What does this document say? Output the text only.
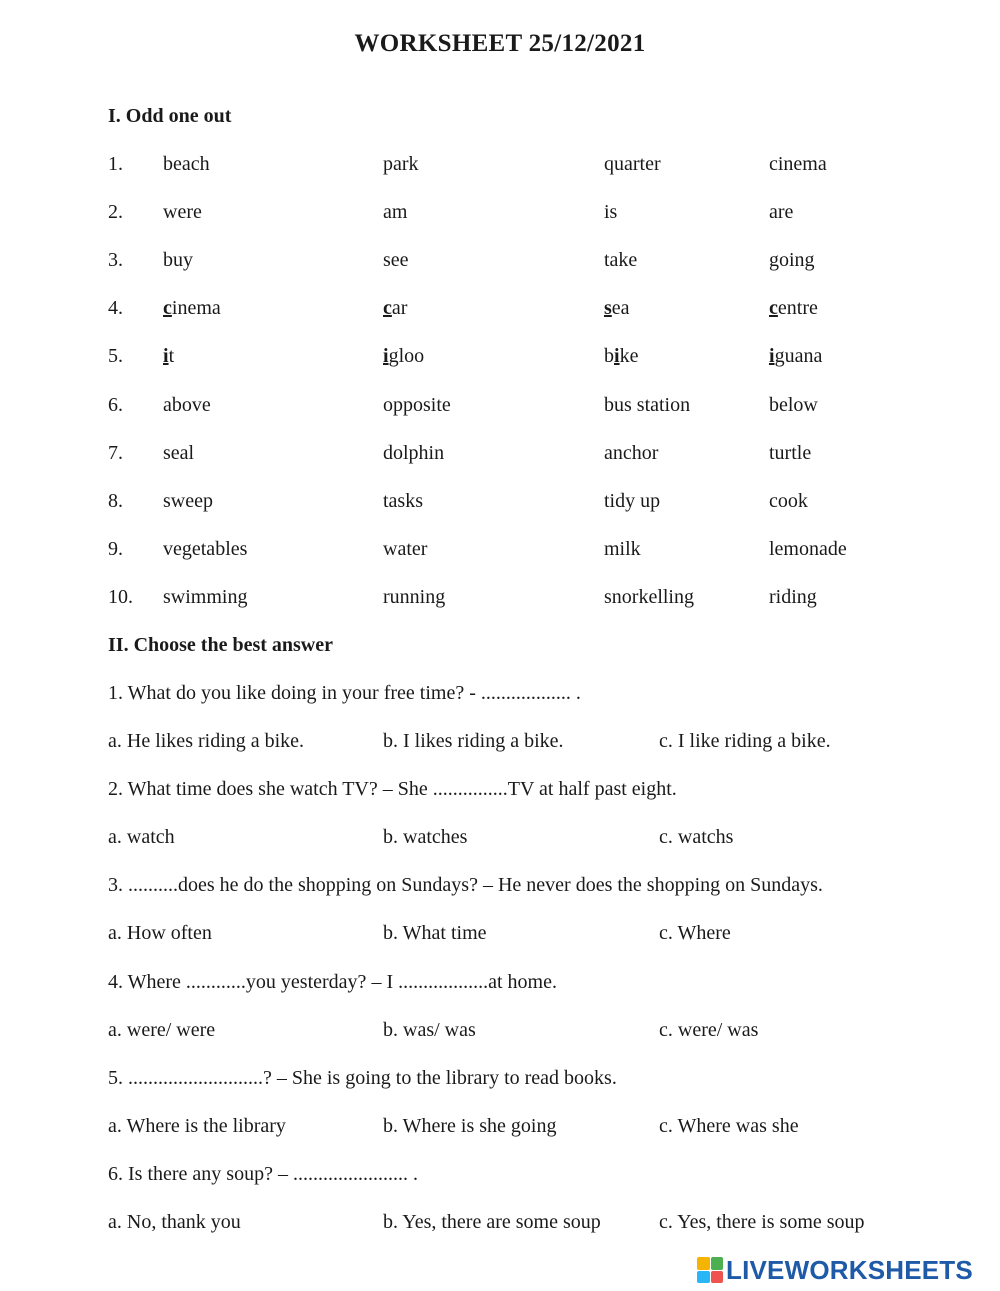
WORKSHEET 25/12/2021
I. Odd one out
1. beach	park	quarter	cinema
2. were	am	is	are
3. buy	see	take	going
4. cinema	car	sea	centre
5. it	igloo	bike	iguana
6. above	opposite	bus station	below
7. seal	dolphin	anchor	turtle
8. sweep	tasks	tidy up	cook
9. vegetables	water	milk	lemonade
10. swimming	running	snorkelling	riding
II. Choose the best answer
1. What do you like doing in your free time? - .................. .
a. He likes riding a bike.	b. I likes riding a bike.	c. I like riding a bike.
2. What time does she watch TV? – She ...............TV at half past eight.
a. watch	b. watches	c. watchs
3. ..........does he do the shopping on Sundays? – He never does the shopping on Sundays.
a. How often	b. What time	c. Where
4. Where ............you yesterday? – I ..................at home.
a. were/ were	b. was/ was	c. were/ was
5. ...........................? – She is going to the library to read books.
a. Where is the library	b. Where is she going	c. Where was she
6. Is there any soup? – ....................... .
a. No, thank you	b. Yes, there are some soup	c. Yes, there is some soup
LIVEWORKSHEETS
